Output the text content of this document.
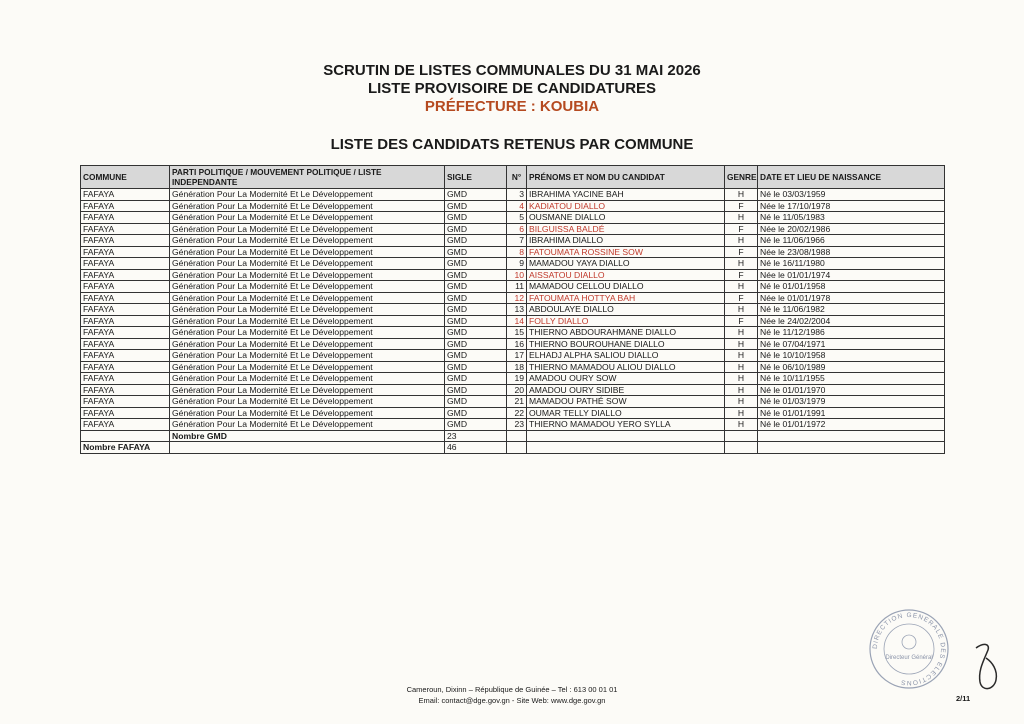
SCRUTIN DE LISTES COMMUNALES DU 31 MAI 2026
LISTE PROVISOIRE DE CANDIDATURES
PRÉFECTURE : KOUBIA
LISTE DES CANDIDATS RETENUS PAR COMMUNE
COMMUNE	PARTI POLITIQUE / MOUVEMENT POLITIQUE / LISTE INDEPENDANTE	SIGLE	N°	PRÉNOMS ET NOM DU CANDIDAT	GENRE	DATE ET LIEU DE NAISSANCE
FAFAYA	Génération Pour La Modernité Et Le Développement	GMD	3	IBRAHIMA YACINE BAH	H	Né le 03/03/1959
FAFAYA	Génération Pour La Modernité Et Le Développement	GMD	4	KADIATOU DIALLO	F	Née le 17/10/1978
FAFAYA	Génération Pour La Modernité Et Le Développement	GMD	5	OUSMANE DIALLO	H	Né le 11/05/1983
FAFAYA	Génération Pour La Modernité Et Le Développement	GMD	6	BILGUISSA BALDÉ	F	Née le 20/02/1986
FAFAYA	Génération Pour La Modernité Et Le Développement	GMD	7	IBRAHIMA DIALLO	H	Né le 11/06/1966
FAFAYA	Génération Pour La Modernité Et Le Développement	GMD	8	FATOUMATA ROSSINE SOW	F	Née le 23/08/1988
FAFAYA	Génération Pour La Modernité Et Le Développement	GMD	9	MAMADOU YAYA DIALLO	H	Né le 16/11/1980
FAFAYA	Génération Pour La Modernité Et Le Développement	GMD	10	AISSATOU DIALLO	F	Née le 01/01/1974
FAFAYA	Génération Pour La Modernité Et Le Développement	GMD	11	MAMADOU CELLOU DIALLO	H	Né le 01/01/1958
FAFAYA	Génération Pour La Modernité Et Le Développement	GMD	12	FATOUMATA HOTTYA BAH	F	Née le 01/01/1978
FAFAYA	Génération Pour La Modernité Et Le Développement	GMD	13	ABDOULAYE DIALLO	H	Né le 11/06/1982
FAFAYA	Génération Pour La Modernité Et Le Développement	GMD	14	FOLLY DIALLO	F	Née le 24/02/2004
FAFAYA	Génération Pour La Modernité Et Le Développement	GMD	15	THIERNO ABDOURAHMANE DIALLO	H	Né le 11/12/1986
FAFAYA	Génération Pour La Modernité Et Le Développement	GMD	16	THIERNO BOUROUHANE DIALLO	H	Né le 07/04/1971
FAFAYA	Génération Pour La Modernité Et Le Développement	GMD	17	ELHADJ ALPHA SALIOU DIALLO	H	Né le 10/10/1958
FAFAYA	Génération Pour La Modernité Et Le Développement	GMD	18	THIERNO MAMADOU ALIOU DIALLO	H	Né le 06/10/1989
FAFAYA	Génération Pour La Modernité Et Le Développement	GMD	19	AMADOU OURY SOW	H	Né le 10/11/1955
FAFAYA	Génération Pour La Modernité Et Le Développement	GMD	20	AMADOU OURY SIDIBE	H	Né le 01/01/1970
FAFAYA	Génération Pour La Modernité Et Le Développement	GMD	21	MAMADOU PATHÉ SOW	H	Né le 01/03/1979
FAFAYA	Génération Pour La Modernité Et Le Développement	GMD	22	OUMAR TELLY DIALLO	H	Né le 01/01/1991
FAFAYA	Génération Pour La Modernité Et Le Développement	GMD	23	THIERNO MAMADOU YERO SYLLA	H	Né le 01/01/1972
	Nombre GMD	23				
Nombre FAFAYA		46				
DIRECTION GENERALE DES ELECTIONS
Directeur Général
2/11
Cameroun, Dixinn – République de Guinée – Tel : 613 00 01 01
Email: contact@dge.gov.gn - Site Web: www.dge.gov.gn
